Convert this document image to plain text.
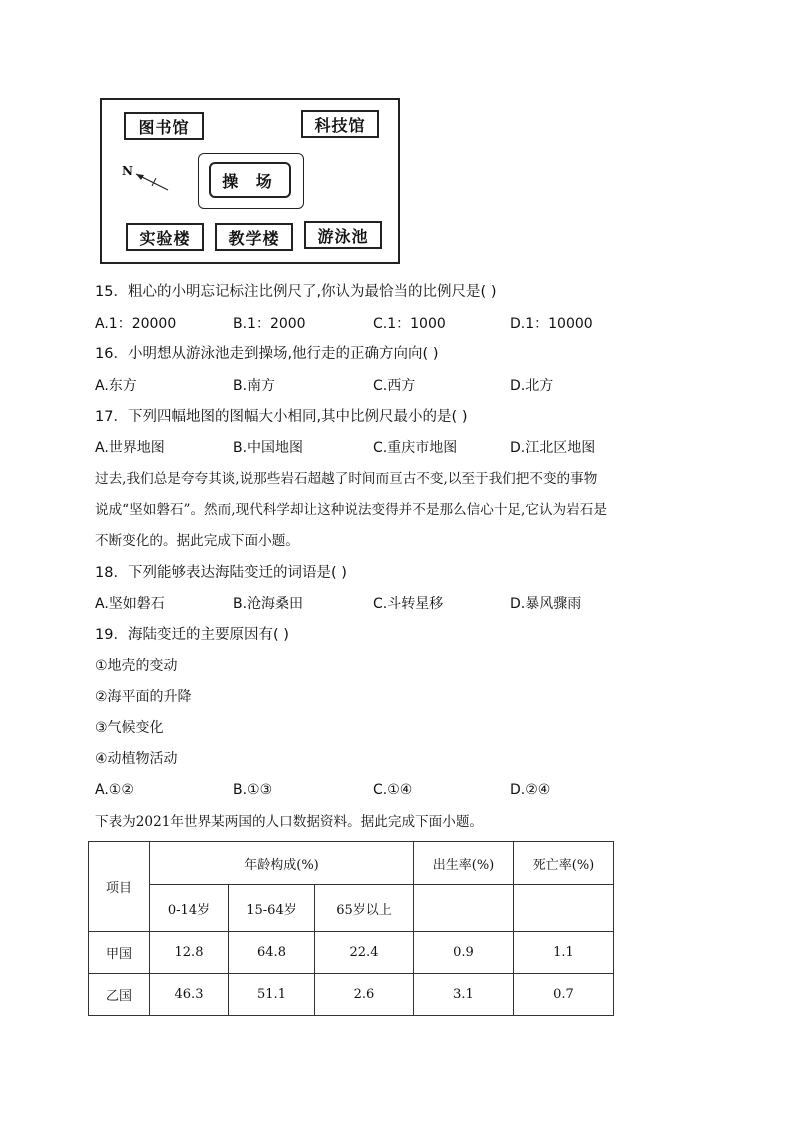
图书馆	科技馆
操 场
N
实验楼	教学楼	游泳池
15．粗心的小明忘记标注比例尺了,你认为最恰当的比例尺是( )
A.1：20000	B.1：2000	C.1：1000	D.1：10000
16．小明想从游泳池走到操场,他行走的正确方向向( )
A.东方	B.南方	C.西方	D.北方
17．下列四幅地图的图幅大小相同,其中比例尺最小的是( )
A.世界地图	B.中国地图	C.重庆市地图	D.江北区地图
过去,我们总是夸夸其谈,说那些岩石超越了时间而亘古不变,以至于我们把不变的事物
说成“坚如磐石”。然而,现代科学却让这种说法变得并不是那么信心十足,它认为岩石是
不断变化的。据此完成下面小题。
18．下列能够表达海陆变迁的词语是( )
A.坚如磐石	B.沧海桑田	C.斗转星移	D.暴风骤雨
19．海陆变迁的主要原因有( )
①地壳的变动
②海平面的升降
③气候变化
④动植物活动
A.①②	B.①③	C.①④	D.②④
下表为2021年世界某两国的人口数据资料。据此完成下面小题。
项目	年龄构成(%)			出生率(%)	死亡率(%)
	0-14岁	15-64岁	65岁以上		
甲国	12.8	64.8	22.4	0.9	1.1
乙国	46.3	51.1	2.6	3.1	0.7
